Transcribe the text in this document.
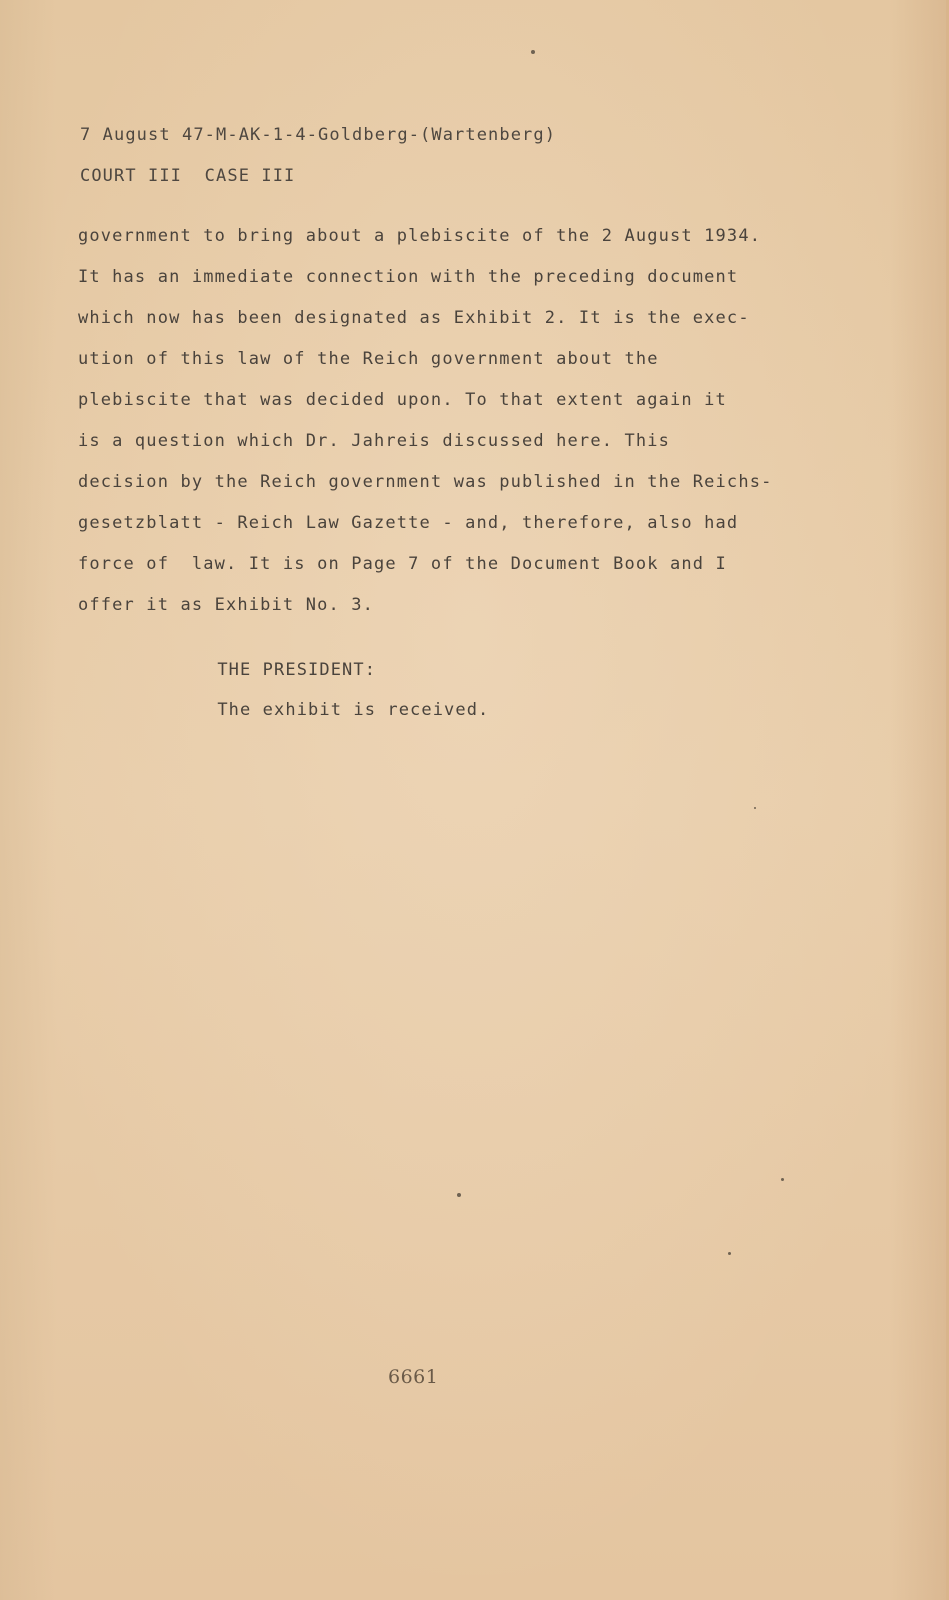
7 August 47-M-AK-1-4-Goldberg-(Wartenberg)
COURT III  CASE III
government to bring about a plebiscite of the 2 August 1934.
It has an immediate connection with the preceding document
which now has been designated as Exhibit 2. It is the exec-
ution of this law of the Reich government about the
plebiscite that was decided upon. To that extent again it
is a question which Dr. Jahreis discussed here. This
decision by the Reich government was published in the Reichs-
gesetzblatt - Reich Law Gazette - and, therefore, also had
force of  law. It is on Page 7 of the Document Book and I
offer it as Exhibit No. 3.

THE PRESIDENT:

The exhibit is received.

6661
